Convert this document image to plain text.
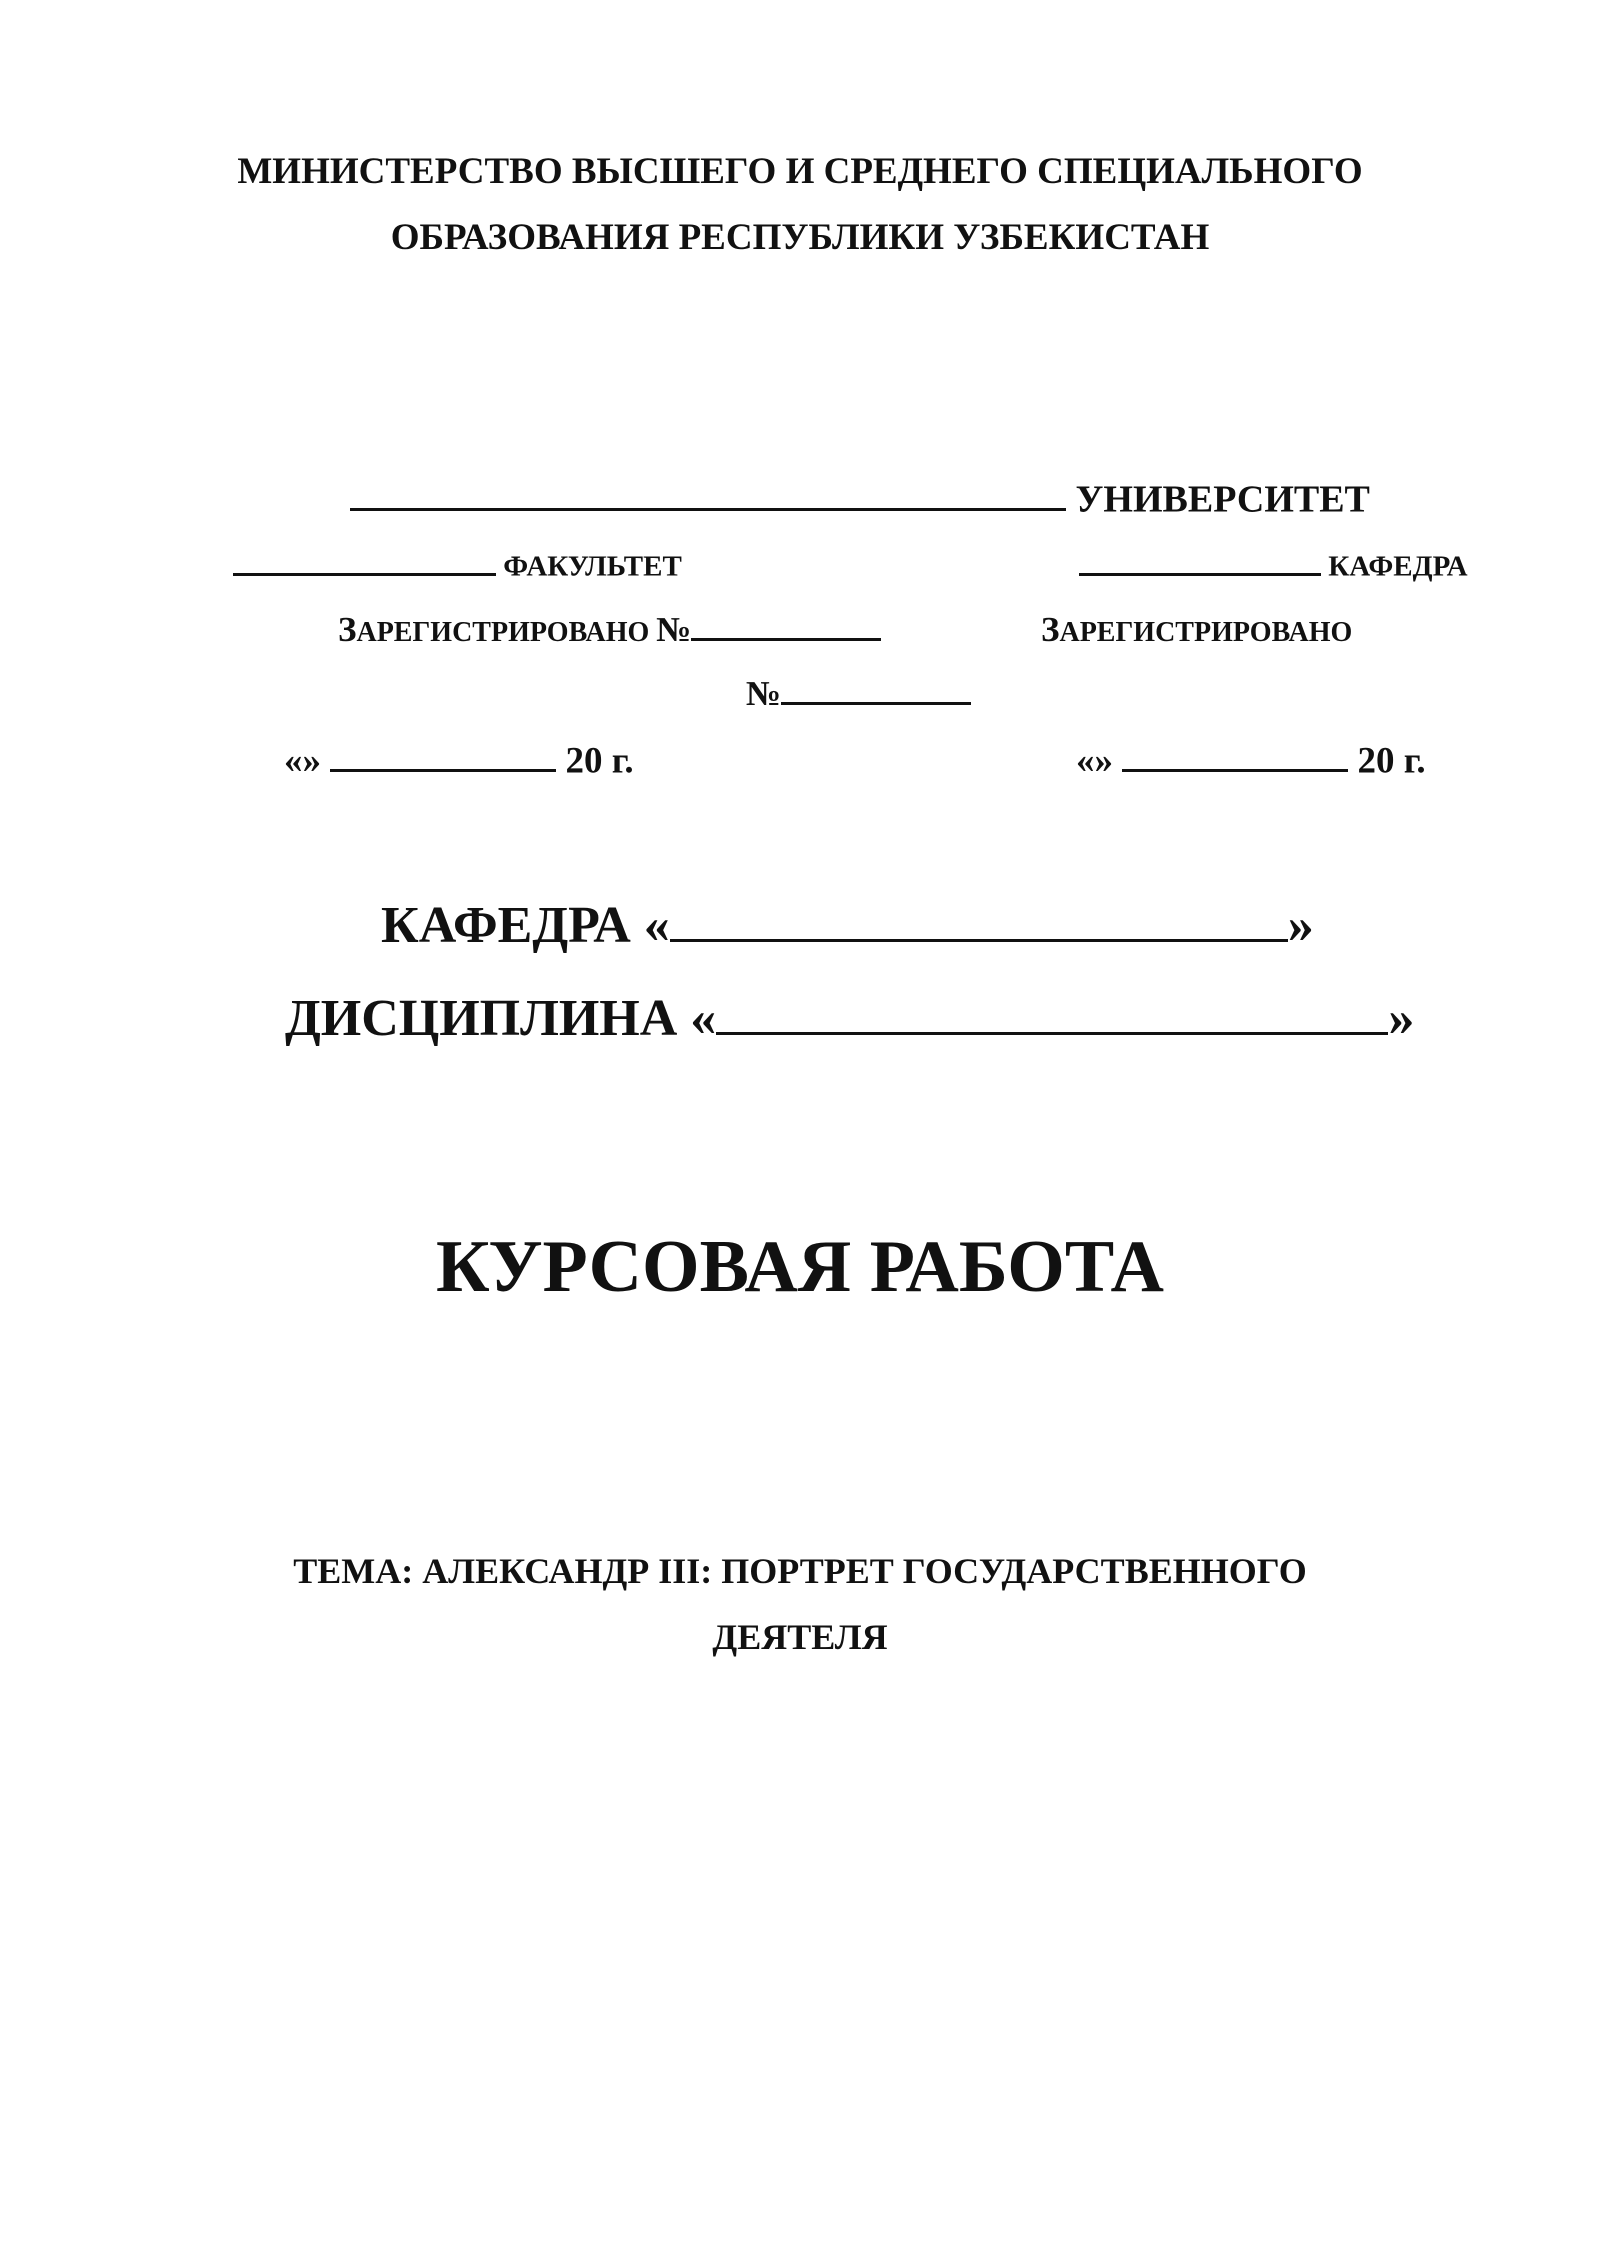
МИНИСТЕРСТВО ВЫСШЕГО И СРЕДНЕГО СПЕЦИАЛЬНОГО
ОБРАЗОВАНИЯ РЕСПУБЛИКИ УЗБЕКИСТАН
УНИВЕРСИТЕТ
ФАКУЛЬТЕТ	КАФЕДРА
ЗАРЕГИСТРИРОВАНО №	ЗАРЕГИСТРИРОВАНО
№
«»	20 г.	«»	20 г.
КАФЕДРА «	»
ДИСЦИПЛИНА «	»
КУРСОВАЯ РАБОТА
ТЕМА: АЛЕКСАНДР III: ПОРТРЕТ ГОСУДАРСТВЕННОГО
ДЕЯТЕЛЯ
